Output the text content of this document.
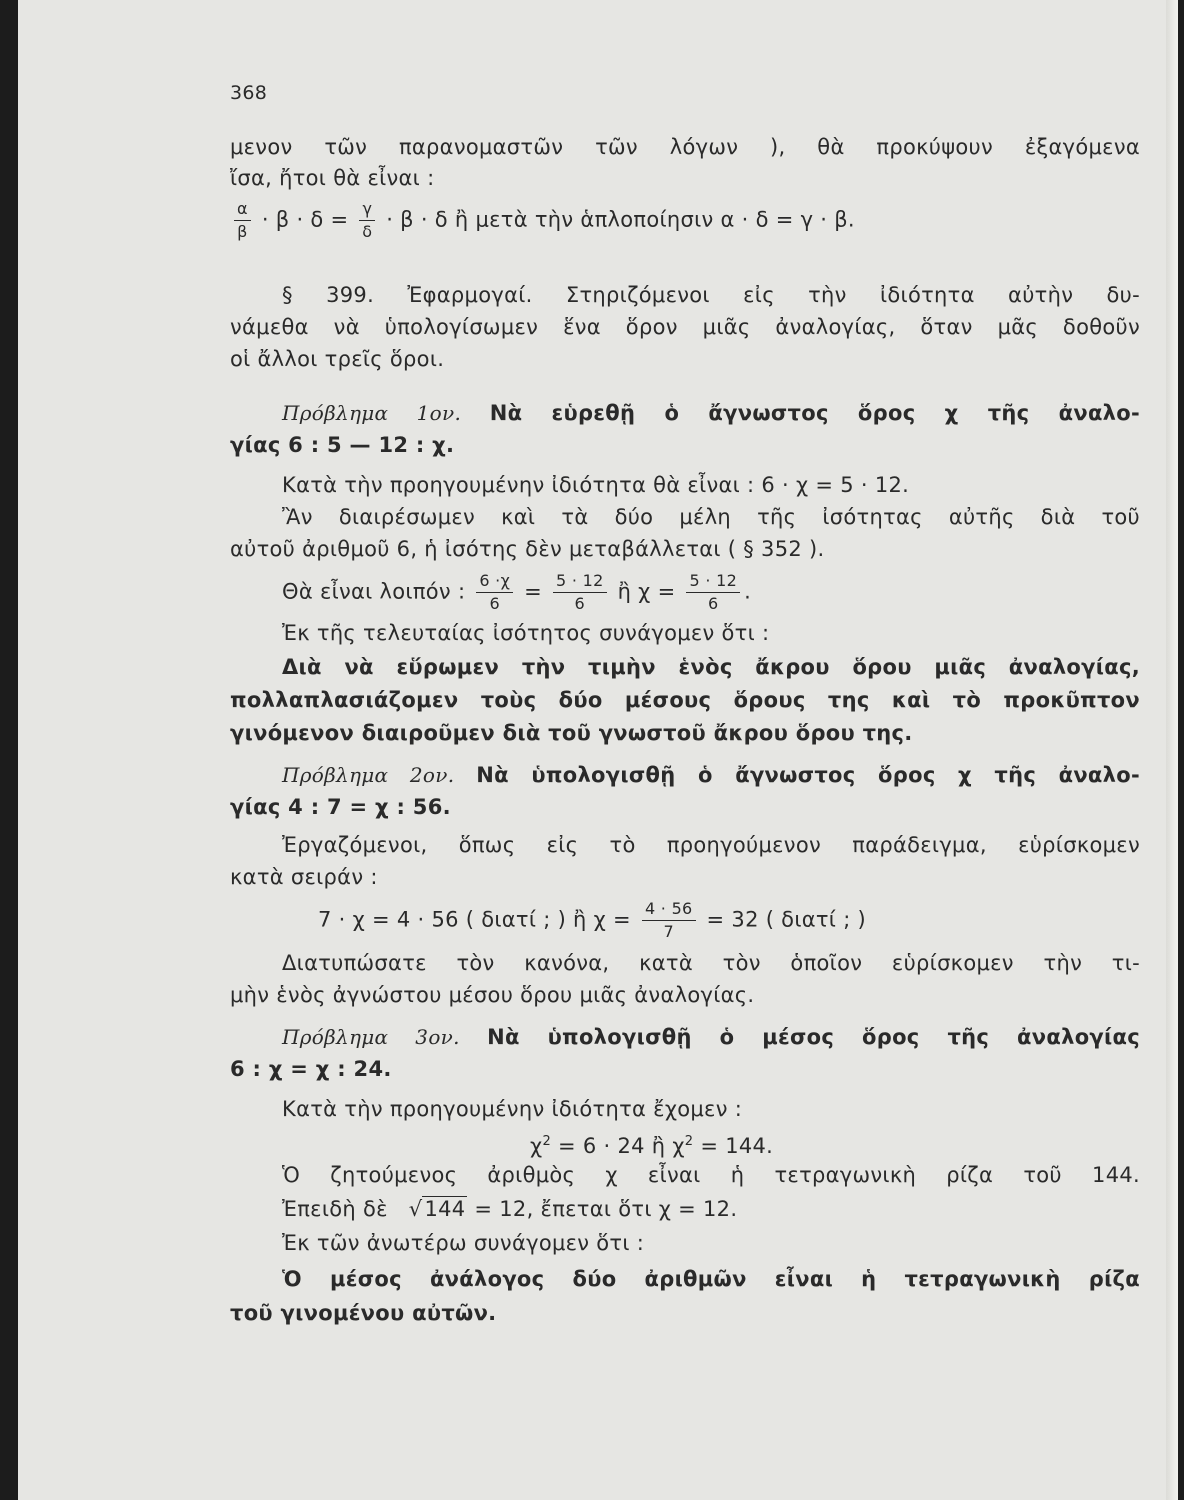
368
μενον τῶν παρανομαστῶν τῶν λόγων ), θὰ προκύψουν ἐξαγόμενα
ἴσα, ἤτοι θὰ εἶναι :
$\frac{\alpha}{\beta} \cdot \beta \cdot \delta = \frac{\gamma}{\delta} \cdot \beta \cdot \delta$ ἢ μετὰ τὴν ἁπλοποίησιν α · δ = γ · β.
§ 399. Ἐφαρμογαί. Στηριζόμενοι εἰς τὴν ἰδιότητα αὐτὴν δυ-
νάμεθα νὰ ὑπολογίσωμεν ἕνα ὅρον μιᾶς ἀναλογίας, ὅταν μᾶς δοθοῦν
οἱ ἄλλοι τρεῖς ὅροι.
Πρόβλημα 1ον. Νὰ εὑρεθῇ ὁ ἄγνωστος ὅρος χ τῆς ἀναλο-
γίας 6 : 5 — 12 : χ.
Κατὰ τὴν προηγουμένην ἰδιότητα θὰ εἶναι : 6 · χ = 5 · 12.
Ἂν διαιρέσωμεν καὶ τὰ δύο μέλη τῆς ἰσότητας αὐτῆς διὰ τοῦ
αὐτοῦ ἀριθμοῦ 6, ἡ ἰσότης δὲν μεταβάλλεται ( § 352 ).
Θὰ εἶναι λοιπόν : $\frac{6 \cdot\chi}{6} = \frac{5 \cdot 12}{6}$ ἢ $\chi = \frac{5 \cdot 12}{6}$ .
Ἐκ τῆς τελευταίας ἰσότητος συνάγομεν ὅτι :
Διὰ νὰ εὕρωμεν τὴν τιμὴν ἑνὸς ἄκρου ὅρου μιᾶς ἀναλογίας,
πολλαπλασιάζομεν τοὺς δύο μέσους ὅρους της καὶ τὸ προκῦπτον
γινόμενον διαιροῦμεν διὰ τοῦ γνωστοῦ ἄκρου ὅρου της.
Πρόβλημα 2ον. Νὰ ὑπολογισθῇ ὁ ἄγνωστος ὅρος χ τῆς ἀναλο-
γίας 4 : 7 = χ : 56.
Ἐργαζόμενοι, ὅπως εἰς τὸ προηγούμενον παράδειγμα, εὑρίσκομεν
κατὰ σειράν :
7 · χ = 4 · 56 ( διατί ; ) ἢ $\chi = \frac{4 \cdot 56}{7} = 32$ ( διατί ; )
Διατυπώσατε τὸν κανόνα, κατὰ τὸν ὁποῖον εὑρίσκομεν τὴν τι-
μὴν ἑνὸς ἀγνώστου μέσου ὅρου μιᾶς ἀναλογίας.
Πρόβλημα 3ον. Νὰ ὑπολογισθῇ ὁ μέσος ὅρος τῆς ἀναλογίας
6 : χ = χ : 24.
Κατὰ τὴν προηγουμένην ἰδιότητα ἔχομεν :
$\chi^2 = 6 \cdot 24$ ἢ $\chi^2 = 144$.
Ὁ ζητούμενος ἀριθμὸς χ εἶναι ἡ τετραγωνικὴ ρίζα τοῦ 144.
Ἐπειδὴ δὲ √144 = 12, ἔπεται ὅτι χ = 12.
Ἐκ τῶν ἀνωτέρω συνάγομεν ὅτι :
Ὁ μέσος ἀνάλογος δύο ἀριθμῶν εἶναι ἡ τετραγωνικὴ ρίζα
τοῦ γινομένου αὐτῶν.
